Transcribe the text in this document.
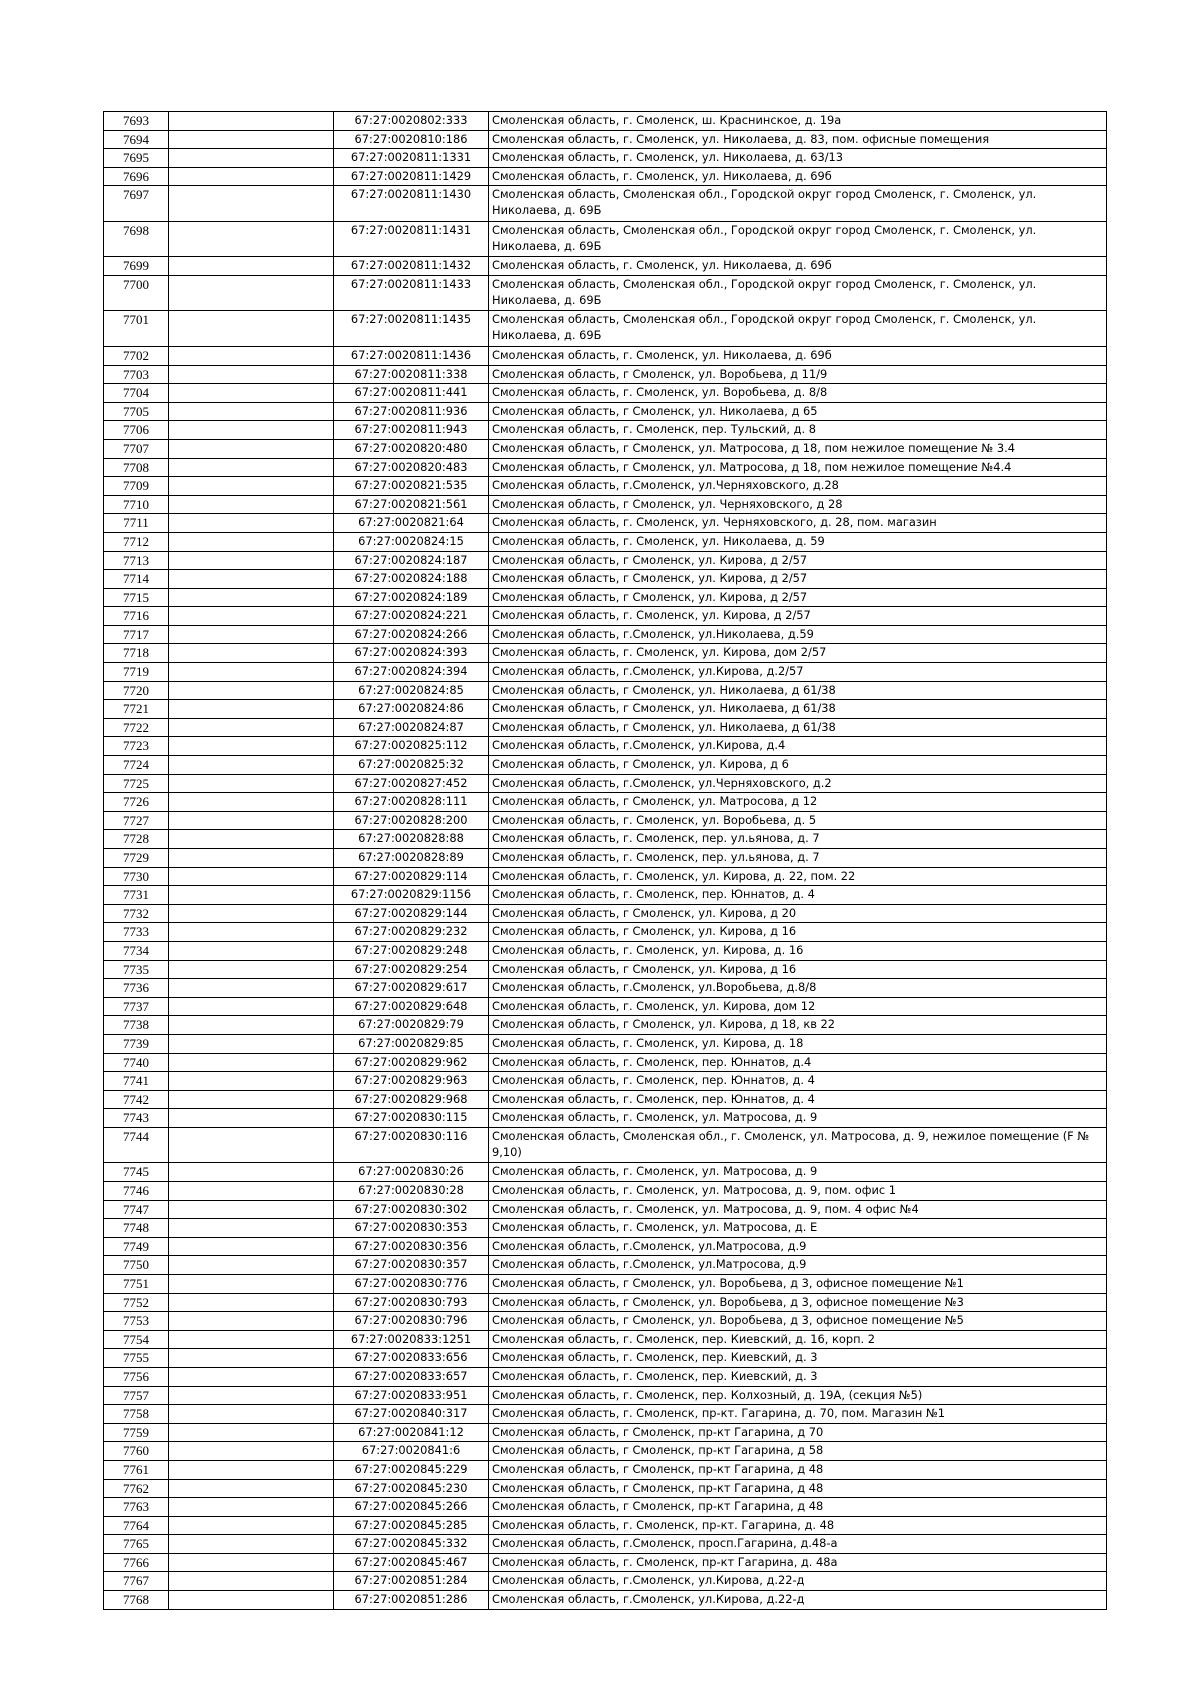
7693		67:27:0020802:333	Смоленская область, г. Смоленск, ш. Краснинское, д. 19а
7694		67:27:0020810:186	Смоленская область, г. Смоленск, ул. Николаева, д. 83, пом. офисные помещения
7695		67:27:0020811:1331	Смоленская область, г. Смоленск, ул. Николаева, д. 63/13
7696		67:27:0020811:1429	Смоленская область, г. Смоленск, ул. Николаева, д. 69б
7697		67:27:0020811:1430	Смоленская область, Смоленская обл., Городской округ город Смоленск, г. Смоленск, ул. Николаева, д. 69Б
7698		67:27:0020811:1431	Смоленская область, Смоленская обл., Городской округ город Смоленск, г. Смоленск, ул. Николаева, д. 69Б
7699		67:27:0020811:1432	Смоленская область, г. Смоленск, ул. Николаева, д. 69б
7700		67:27:0020811:1433	Смоленская область, Смоленская обл., Городской округ город Смоленск, г. Смоленск, ул. Николаева, д. 69Б
7701		67:27:0020811:1435	Смоленская область, Смоленская обл., Городской округ город Смоленск, г. Смоленск, ул. Николаева, д. 69Б
7702		67:27:0020811:1436	Смоленская область, г. Смоленск, ул. Николаева, д. 69б
7703		67:27:0020811:338	Смоленская область, г Смоленск, ул. Воробьева, д 11/9
7704		67:27:0020811:441	Смоленская область, г. Смоленск, ул. Воробьева, д. 8/8
7705		67:27:0020811:936	Смоленская область, г Смоленск, ул. Николаева, д 65
7706		67:27:0020811:943	Смоленская область, г. Смоленск, пер. Тульский, д. 8
7707		67:27:0020820:480	Смоленская область, г Смоленск, ул. Матросова, д 18, пом нежилое помещение № 3.4
7708		67:27:0020820:483	Смоленская область, г Смоленск, ул. Матросова, д 18, пом нежилое помещение №4.4
7709		67:27:0020821:535	Смоленская область, г.Смоленск, ул.Черняховского, д.28
7710		67:27:0020821:561	Смоленская область, г Смоленск, ул. Черняховского, д 28
7711		67:27:0020821:64	Смоленская область, г. Смоленск, ул. Черняховского, д. 28, пом. магазин
7712		67:27:0020824:15	Смоленская область, г. Смоленск, ул. Николаева, д. 59
7713		67:27:0020824:187	Смоленская область, г Смоленск, ул. Кирова, д 2/57
7714		67:27:0020824:188	Смоленская область, г Смоленск, ул. Кирова, д 2/57
7715		67:27:0020824:189	Смоленская область, г Смоленск, ул. Кирова, д 2/57
7716		67:27:0020824:221	Смоленская область, г. Смоленск, ул. Кирова, д 2/57
7717		67:27:0020824:266	Смоленская область, г.Смоленск, ул.Николаева, д.59
7718		67:27:0020824:393	Смоленская область, г. Смоленск, ул. Кирова, дом 2/57
7719		67:27:0020824:394	Смоленская область, г.Смоленск, ул.Кирова, д.2/57
7720		67:27:0020824:85	Смоленская область, г Смоленск, ул. Николаева, д 61/38
7721		67:27:0020824:86	Смоленская область, г Смоленск, ул. Николаева, д 61/38
7722		67:27:0020824:87	Смоленская область, г Смоленск, ул. Николаева, д 61/38
7723		67:27:0020825:112	Смоленская область, г.Смоленск, ул.Кирова, д.4
7724		67:27:0020825:32	Смоленская область, г Смоленск, ул. Кирова, д 6
7725		67:27:0020827:452	Смоленская область, г.Смоленск, ул.Черняховского, д.2
7726		67:27:0020828:111	Смоленская область, г Смоленск, ул. Матросова, д 12
7727		67:27:0020828:200	Смоленская область, г. Смоленск, ул. Воробьева, д. 5
7728		67:27:0020828:88	Смоленская область, г. Смоленск, пер. ул.ьянова, д. 7
7729		67:27:0020828:89	Смоленская область, г. Смоленск, пер. ул.ьянова, д. 7
7730		67:27:0020829:114	Смоленская область, г. Смоленск, ул. Кирова, д. 22, пом. 22
7731		67:27:0020829:1156	Смоленская область, г. Смоленск, пер. Юннатов, д. 4
7732		67:27:0020829:144	Смоленская область, г Смоленск, ул. Кирова, д 20
7733		67:27:0020829:232	Смоленская область, г Смоленск, ул. Кирова, д 16
7734		67:27:0020829:248	Смоленская область, г. Смоленск, ул. Кирова, д. 16
7735		67:27:0020829:254	Смоленская область, г Смоленск, ул. Кирова, д 16
7736		67:27:0020829:617	Смоленская область, г.Смоленск, ул.Воробьева, д.8/8
7737		67:27:0020829:648	Смоленская область, г. Смоленск, ул. Кирова, дом 12
7738		67:27:0020829:79	Смоленская область, г Смоленск, ул. Кирова, д 18, кв 22
7739		67:27:0020829:85	Смоленская область, г. Смоленск, ул. Кирова, д. 18
7740		67:27:0020829:962	Смоленская область, г. Смоленск, пер. Юннатов, д.4
7741		67:27:0020829:963	Смоленская область, г. Смоленск, пер. Юннатов, д. 4
7742		67:27:0020829:968	Смоленская область, г. Смоленск, пер. Юннатов, д. 4
7743		67:27:0020830:115	Смоленская область, г. Смоленск, ул. Матросова, д. 9
7744		67:27:0020830:116	Смоленская область, Смоленская обл., г. Смоленск, ул. Матросова, д. 9, нежилое помещение (F № 9,10)
7745		67:27:0020830:26	Смоленская область, г. Смоленск, ул. Матросова, д. 9
7746		67:27:0020830:28	Смоленская область, г. Смоленск, ул. Матросова, д. 9, пом. офис 1
7747		67:27:0020830:302	Смоленская область, г. Смоленск, ул. Матросова, д. 9, пом. 4 офис №4
7748		67:27:0020830:353	Смоленская область, г. Смоленск, ул. Матросова, д. Е
7749		67:27:0020830:356	Смоленская область, г.Смоленск, ул.Матросова, д.9
7750		67:27:0020830:357	Смоленская область, г.Смоленск, ул.Матросова, д.9
7751		67:27:0020830:776	Смоленская область, г Смоленск, ул. Воробьева, д 3, офисное помещение №1
7752		67:27:0020830:793	Смоленская область, г Смоленск, ул. Воробьева, д 3, офисное помещение №3
7753		67:27:0020830:796	Смоленская область, г Смоленск, ул. Воробьева, д 3, офисное помещение №5
7754		67:27:0020833:1251	Смоленская область, г. Смоленск, пер. Киевский, д. 16, корп. 2
7755		67:27:0020833:656	Смоленская область, г. Смоленск, пер. Киевский, д. 3
7756		67:27:0020833:657	Смоленская область, г. Смоленск, пер. Киевский, д. 3
7757		67:27:0020833:951	Смоленская область, г. Смоленск, пер. Колхозный, д. 19А, (секция №5)
7758		67:27:0020840:317	Смоленская область, г. Смоленск, пр-кт. Гагарина, д. 70, пом. Магазин №1
7759		67:27:0020841:12	Смоленская область, г Смоленск, пр-кт Гагарина, д 70
7760		67:27:0020841:6	Смоленская область, г Смоленск, пр-кт Гагарина, д 58
7761		67:27:0020845:229	Смоленская область, г Смоленск, пр-кт Гагарина, д 48
7762		67:27:0020845:230	Смоленская область, г Смоленск, пр-кт Гагарина, д 48
7763		67:27:0020845:266	Смоленская область, г Смоленск, пр-кт Гагарина, д 48
7764		67:27:0020845:285	Смоленская область, г. Смоленск, пр-кт. Гагарина, д. 48
7765		67:27:0020845:332	Смоленская область, г.Смоленск, просп.Гагарина, д.48-а
7766		67:27:0020845:467	Смоленская область, г. Смоленск, пр-кт Гагарина, д. 48а
7767		67:27:0020851:284	Смоленская область, г.Смоленск, ул.Кирова, д.22-д
7768		67:27:0020851:286	Смоленская область, г.Смоленск, ул.Кирова, д.22-д
